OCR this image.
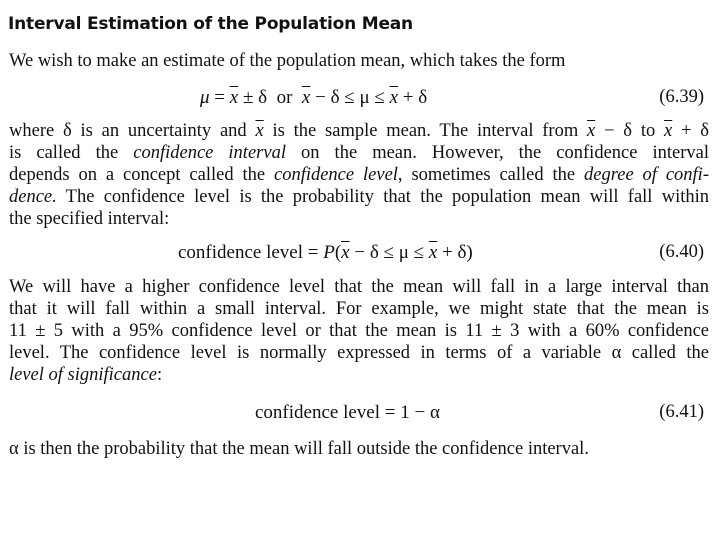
Interval Estimation of the Population Mean
We wish to make an estimate of the population mean, which takes the form
$\mu = \overline{x} \pm \delta$  or  $\overline{x} - \delta \le \mu \le \overline{x} + \delta$	(6.39)
where δ is an uncertainty and $\overline{x}$ is the sample mean. The interval from $\overline{x} - \delta$ to $\overline{x} + \delta$
is called the confidence interval on the mean. However, the confidence interval
depends on a concept called the confidence level, sometimes called the degree of confi-
dence. The confidence level is the probability that the population mean will fall within
the specified interval:
confidence level = $P(\overline{x} - \delta \le \mu \le \overline{x} + \delta)$	(6.40)
We will have a higher confidence level that the mean will fall in a large interval than
that it will fall within a small interval. For example, we might state that the mean is
11 ± 5 with a 95% confidence level or that the mean is 11 ± 3 with a 60% confidence
level. The confidence level is normally expressed in terms of a variable α called the
level of significance:
confidence level = 1 − α	(6.41)
α is then the probability that the mean will fall outside the confidence interval.
